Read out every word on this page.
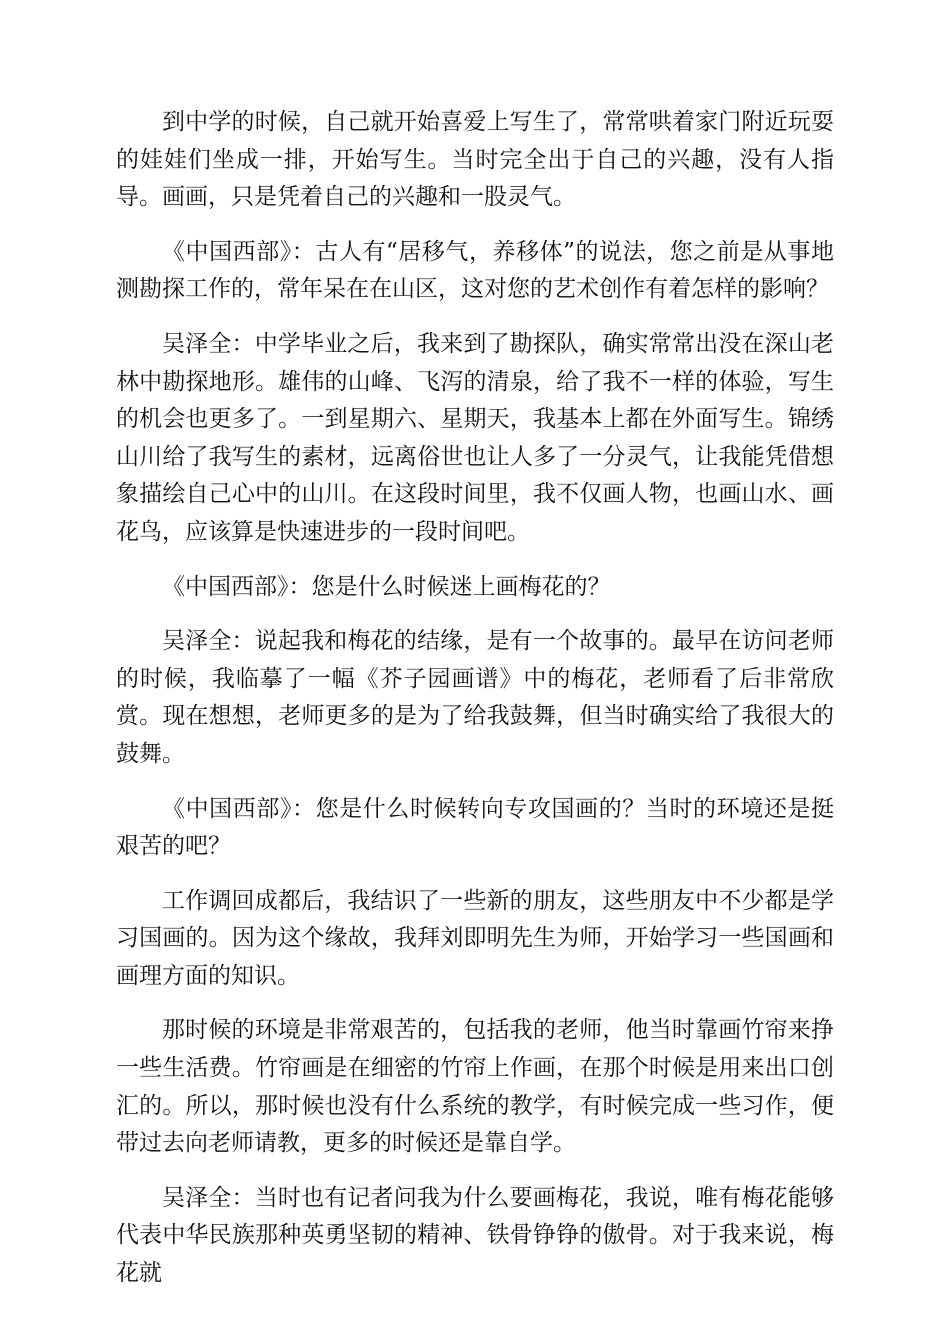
到中学的时候，自己就开始喜爱上写生了，常常哄着家门附近玩耍的娃娃们坐成一排，开始写生。当时完全出于自己的兴趣，没有人指导。画画，只是凭着自己的兴趣和一股灵气。

《中国西部》：古人有“居移气，养移体”的说法，您之前是从事地测勘探工作的，常年呆在在山区，这对您的艺术创作有着怎样的影响？

吴泽全：中学毕业之后，我来到了勘探队，确实常常出没在深山老林中勘探地形。雄伟的山峰、飞泻的清泉，给了我不一样的体验，写生的机会也更多了。一到星期六、星期天，我基本上都在外面写生。锦绣山川给了我写生的素材，远离俗世也让人多了一分灵气，让我能凭借想象描绘自己心中的山川。在这段时间里，我不仅画人物，也画山水、画花鸟，应该算是快速进步的一段时间吧。

《中国西部》：您是什么时候迷上画梅花的？

吴泽全：说起我和梅花的结缘，是有一个故事的。最早在访问老师的时候，我临摹了一幅《芥子园画谱》中的梅花，老师看了后非常欣赏。现在想想，老师更多的是为了给我鼓舞，但当时确实给了我很大的鼓舞。

《中国西部》：您是什么时候转向专攻国画的？当时的环境还是挺艰苦的吧？

工作调回成都后，我结识了一些新的朋友，这些朋友中不少都是学习国画的。因为这个缘故，我拜刘即明先生为师，开始学习一些国画和画理方面的知识。

那时候的环境是非常艰苦的，包括我的老师，他当时靠画竹帘来挣一些生活费。竹帘画是在细密的竹帘上作画，在那个时候是用来出口创汇的。所以，那时候也没有什么系统的教学，有时候完成一些习作，便带过去向老师请教，更多的时候还是靠自学。

吴泽全：当时也有记者问我为什么要画梅花，我说，唯有梅花能够代表中华民族那种英勇坚韧的精神、铁骨铮铮的傲骨。对于我来说，梅花就
